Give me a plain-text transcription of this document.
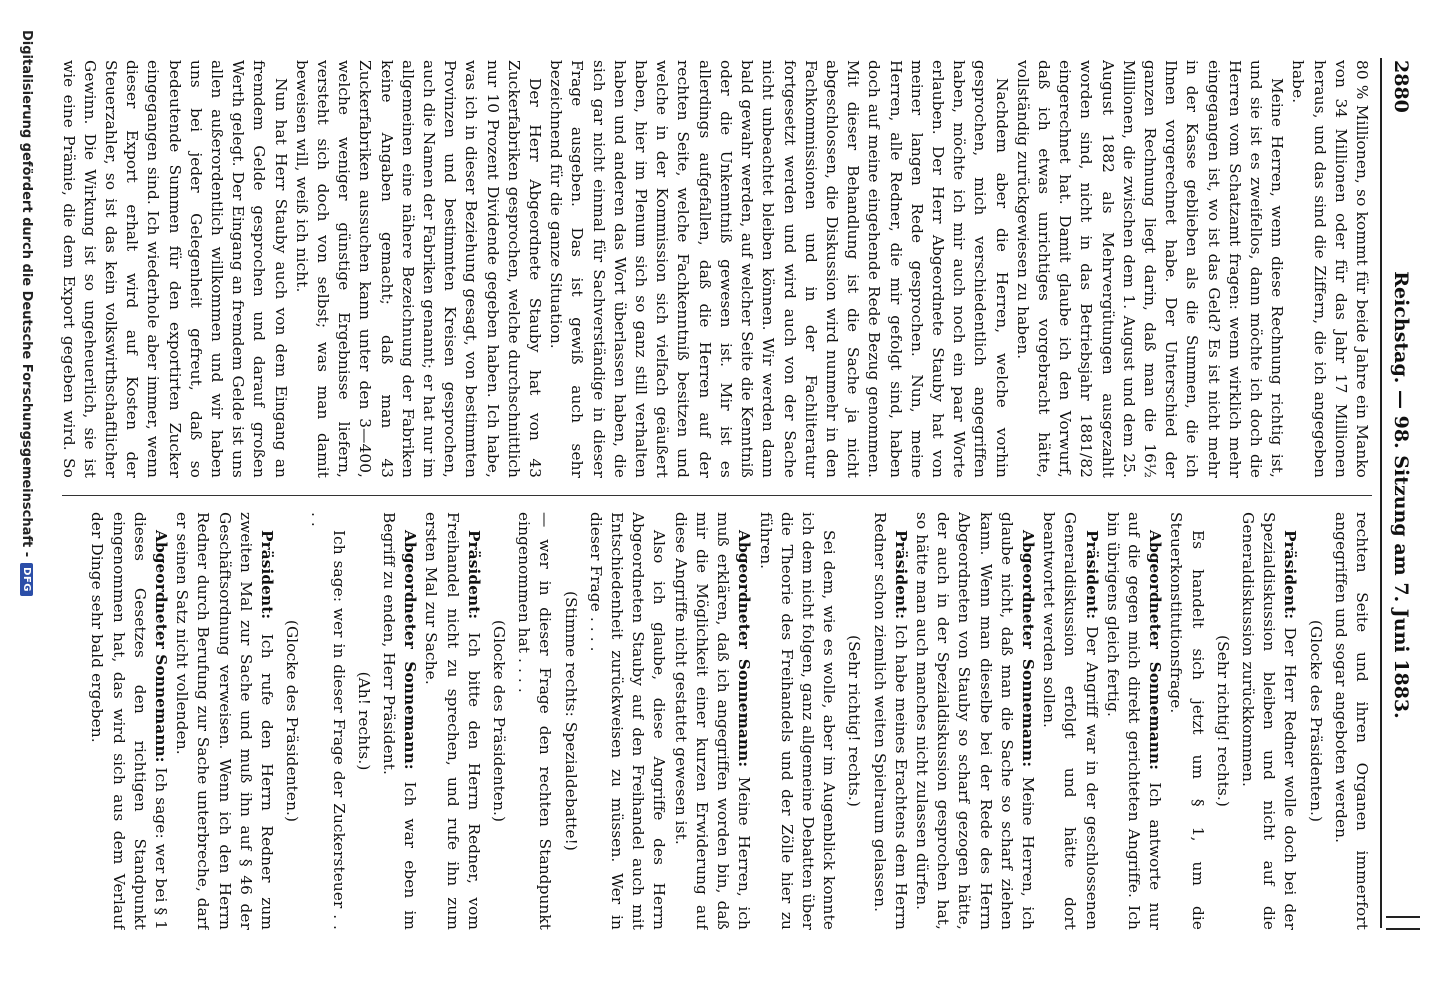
2880
Reichstag. — 98. Sitzung am 7. Juni 1883.

80 % Millionen, so kommt für beide Jahre ein Manko von 34 Millionen oder für das Jahr 17 Millionen heraus, und das sind die Ziffern, die ich angegeben habe.

Meine Herren, wenn diese Rechnung richtig ist, und sie ist es zweifellos, dann möchte ich doch die Herren vom Schatzamt fragen: wenn wirklich mehr eingegangen ist, wo ist das Geld? Es ist nicht mehr in der Kasse geblieben als die Summen, die ich Ihnen vorgerechnet habe. Der Unterschied der ganzen Rechnung liegt darin, daß man die 16½ Millionen, die zwischen dem 1. August und dem 25. August 1882 als Mehrvergütungen ausgezahlt worden sind, nicht in das Betriebsjahr 1881/82 eingerechnet hat. Damit glaube ich den Vorwurf, daß ich etwas unrichtiges vorgebracht hätte, vollständig zurückgewiesen zu haben.

Nachdem aber die Herren, welche vorhin gesprochen, mich verschiedentlich angegriffen haben, möchte ich mir auch noch ein paar Worte erlauben. Der Herr Abgeordnete Stauby hat von meiner langen Rede gesprochen. Nun, meine Herren, alle Redner, die mir gefolgt sind, haben doch auf meine eingehende Rede Bezug genommen. Mit dieser Behandlung ist die Sache ja nicht abgeschlossen, die Diskussion wird nunmehr in den Fachkommissionen und in der Fachliteratur fortgesetzt werden und wird auch von der Sache nicht unbeachtet bleiben können. Wir werden dann bald gewahr werden, auf welcher Seite die Kenntniß oder die Unkenntniß gewesen ist. Mir ist es allerdings aufgefallen, daß die Herren auf der rechten Seite, welche Fachkenntniß besitzen und welche in der Kommission sich vielfach geäußert haben, hier im Plenum sich so ganz still verhalten haben und anderen das Wort überlassen haben, die sich gar nicht einmal für Sachverständige in dieser Frage ausgeben. Das ist gewiß auch sehr bezeichnend für die ganze Situation.

Der Herr Abgeordnete Stauby hat von 43 Zuckerfabriken gesprochen, welche durchschnittlich nur 10 Prozent Dividende gegeben haben. Ich habe, was ich in dieser Beziehung gesagt, von bestimmten Provinzen und bestimmten Kreisen gesprochen, auch die Namen der Fabriken genannt; er hat nur im allgemeinen eine nähere Bezeichnung der Fabriken keine Angaben gemacht; daß man 43 Zuckerfabriken aussuchen kann unter den 3—400, welche weniger günstige Ergebnisse liefern, versteht sich doch von selbst; was man damit beweisen will, weiß ich nicht.

Nun hat Herr Stauby auch von dem Eingang an fremdem Gelde gesprochen und darauf großen Werth gelegt. Der Eingang an fremdem Gelde ist uns allen außerordentlich willkommen und wir haben uns bei jeder Gelegenheit gefreut, daß so bedeutende Summen für den exportirten Zucker eingegangen sind. Ich wiederhole aber immer, wenn dieser Export erhalt wird auf Kosten der Steuerzahler, so ist das kein volkswirthschaftlicher Gewinn. Die Wirkung ist so ungeheuerlich, sie ist wie eine Prämie, die dem Export gegeben wird. So

rechten Seite und ihren Organen immerfort angegriffen und sogar angeboten werden.

(Glocke des Präsidenten.)

Präsident: Der Herr Redner wolle doch bei der Spezialdiskussion bleiben und nicht auf die Generaldiskussion zurückkommen.

(Sehr richtig! rechts.)

Es handelt sich jetzt um § 1, um die Steuerkonstitutionsfrage.

Abgeordneter Sonnemann: Ich antworte nur auf die gegen mich direkt gerichteten Angriffe. Ich bin übrigens gleich fertig.

Präsident: Der Angriff war in der geschlossenen Generaldiskussion erfolgt und hätte dort beantwortet werden sollen.

Abgeordneter Sonnemann: Meine Herren, ich glaube nicht, daß man die Sache so scharf ziehen kann. Wenn man dieselbe bei der Rede des Herrn Abgeordneten von Stauby so scharf gezogen hätte, der auch in der Spezialdiskussion gesprochen hat, so hätte man auch manches nicht zulassen dürfen.

Präsident: Ich habe meines Erachtens dem Herrn Redner schon ziemlich weiten Spielraum gelassen.

(Sehr richtig! rechts.)

Sei dem, wie es wolle, aber im Augenblick konnte ich dem nicht folgen, ganz allgemeine Debatten über die Theorie des Freihandels und der Zölle hier zu führen.

Abgeordneter Sonnemann: Meine Herren, ich muß erklären, daß ich angegriffen worden bin, daß mir die Möglichkeit einer kurzen Erwiderung auf diese Angriffe nicht gestattet gewesen ist.

Also ich glaube, diese Angriffe des Herrn Abgeordneten Stauby auf den Freihandel auch mit Entschiedenheit zurückweisen zu müssen. Wer in dieser Frage . . . .

(Stimme rechts: Spezialdebatte!)

— wer in dieser Frage den rechten Standpunkt eingenommen hat . . . .

(Glocke des Präsidenten.)

Präsident: Ich bitte den Herrn Redner, vom Freihandel nicht zu sprechen, und rufe ihn zum ersten Mal zur Sache.

Abgeordneter Sonnemann: Ich war eben im Begriff zu enden, Herr Präsident.

(Ah! rechts.)

Ich sage: wer in dieser Frage der Zuckersteuer . . . .

(Glocke des Präsidenten.)

Präsident: Ich rufe den Herrn Redner zum zweiten Mal zur Sache und muß ihn auf § 46 der Geschäftsordnung verweisen. Wenn ich den Herrn Redner durch Berufung zur Sache unterbreche, darf er seinen Satz nicht vollenden.

Abgeordneter Sonnemann: Ich sage: wer bei § 1 dieses Gesetzes den richtigen Standpunkt eingenommen hat, das wird sich aus dem Verlauf der Dinge sehr bald ergeben.

Digitalisierung gefördert durch die Deutsche Forschungsgemeinschaft -
DFG
